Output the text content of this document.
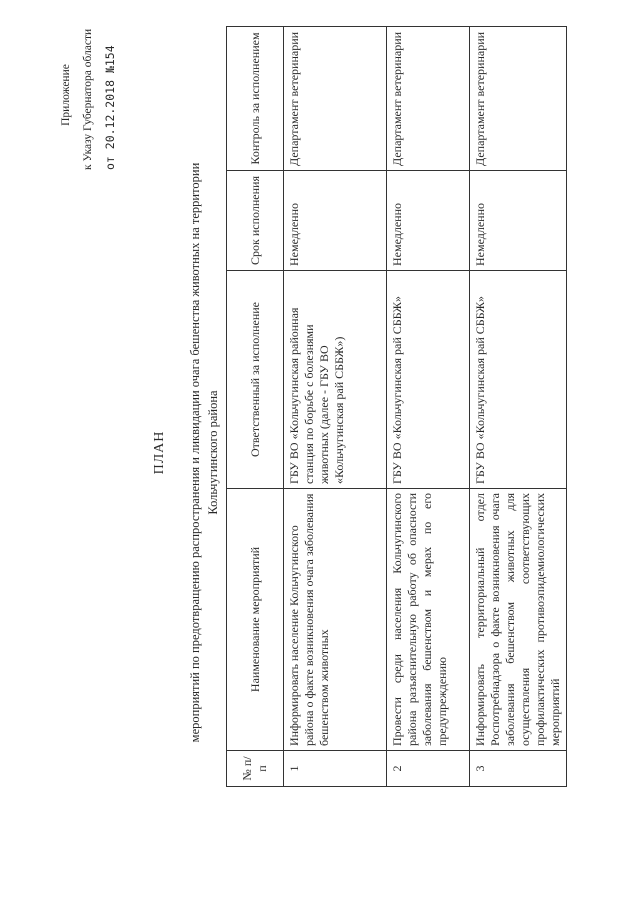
Приложение к Указу Губернатора области от 20.12.2018 №154
ПЛАН мероприятий по предотвращению распространения и ликвидации очага бешенства животных на территории Кольчугинского района
№ п/п	Наименование мероприятий	Ответственный за исполнение	Срок исполнения	Контроль за исполнением
1	Информировать население Кольчугинского района о факте возникновения очага заболевания бешенством животных	ГБУ ВО «Кольчугинская районная станция по борьбе с болезнями животных (далее - ГБУ ВО «Кольчугинская рай СББЖ»)	Немедленно	Департамент ветеринарии
2	Провести среди населения Кольчугинского района разъяснительную работу об опасности заболевания бешенством и мерах по его предупреждению	ГБУ ВО «Кольчугинская рай СББЖ»	Немедленно	Департамент ветеринарии
3	Информировать территориальный отдел Роспотребнадзора о факте возникновения очага заболевания бешенством животных для осуществления соответствующих профилактических противоэпидемиологических мероприятий	ГБУ ВО «Кольчугинская рай СББЖ»	Немедленно	Департамент ветеринарии
